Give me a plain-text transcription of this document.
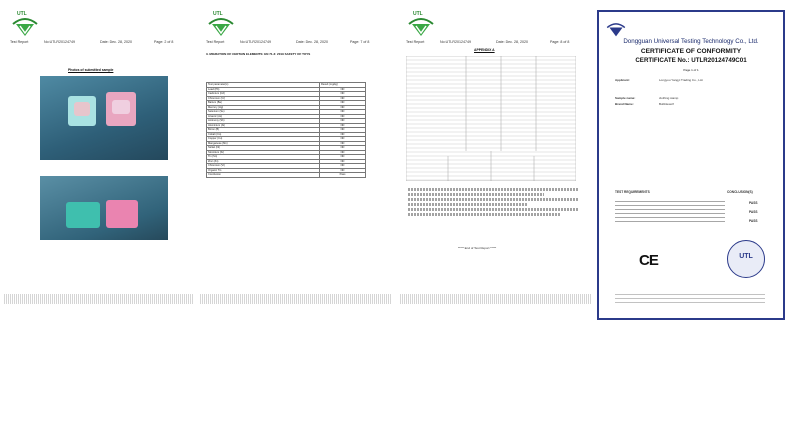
UTL
Test Report	No:UTLR20124749	Date: Dec. 28, 2020	Page: 2 of 8
Photos of submitted sample
UTL
Test Report	No:UTLR20124749	Date: Dec. 28, 2020	Page: 7 of 8
3. MIGRATION OF CERTAIN ELEMENTS: EN 71-3: 2019 SAFETY OF TOYS
Test parameter(s)	Result (mg/kg)
Lead (Pb)	ND
Cadmium (Cd)	ND
Chromium (Cr)	ND
Barium (Ba)	ND
Mercury (Hg)	ND
Selenium (Se)	ND
Arsenic (As)	ND
Antimony (Sb)	ND
Aluminium (Al)	ND
Boron (B)	ND
Cobalt (Co)	ND
Copper (Cu)	ND
Manganese (Mn)	ND
Nickel (Ni)	ND
Strontium (Sr)	ND
Tin (Sn)	ND
Zinc (Zn)	ND
Chromium (VI)	ND
Organic Tin	ND
Conclusion	Pass
UTL
Test Report	No:UTLR20124749	Date: Dec. 28, 2020	Page: 8 of 8
APPENDIX A
***** End of Test Report *****
Dongguan Universal Testing Technology Co., Ltd.
CERTIFICATE OF CONFORMITY
CERTIFICATE No.: UTLR20124749C01
Page 1 of 1
Applicant:	Longyou Yangyi Trading Co., Ltd.
Sample name:	clothing stamp
Brand Name:	Bubblewolf
TEST REQUIREMENTS	CONCLUSION(S)
PASS
PASS
PASS
UTL
CE
